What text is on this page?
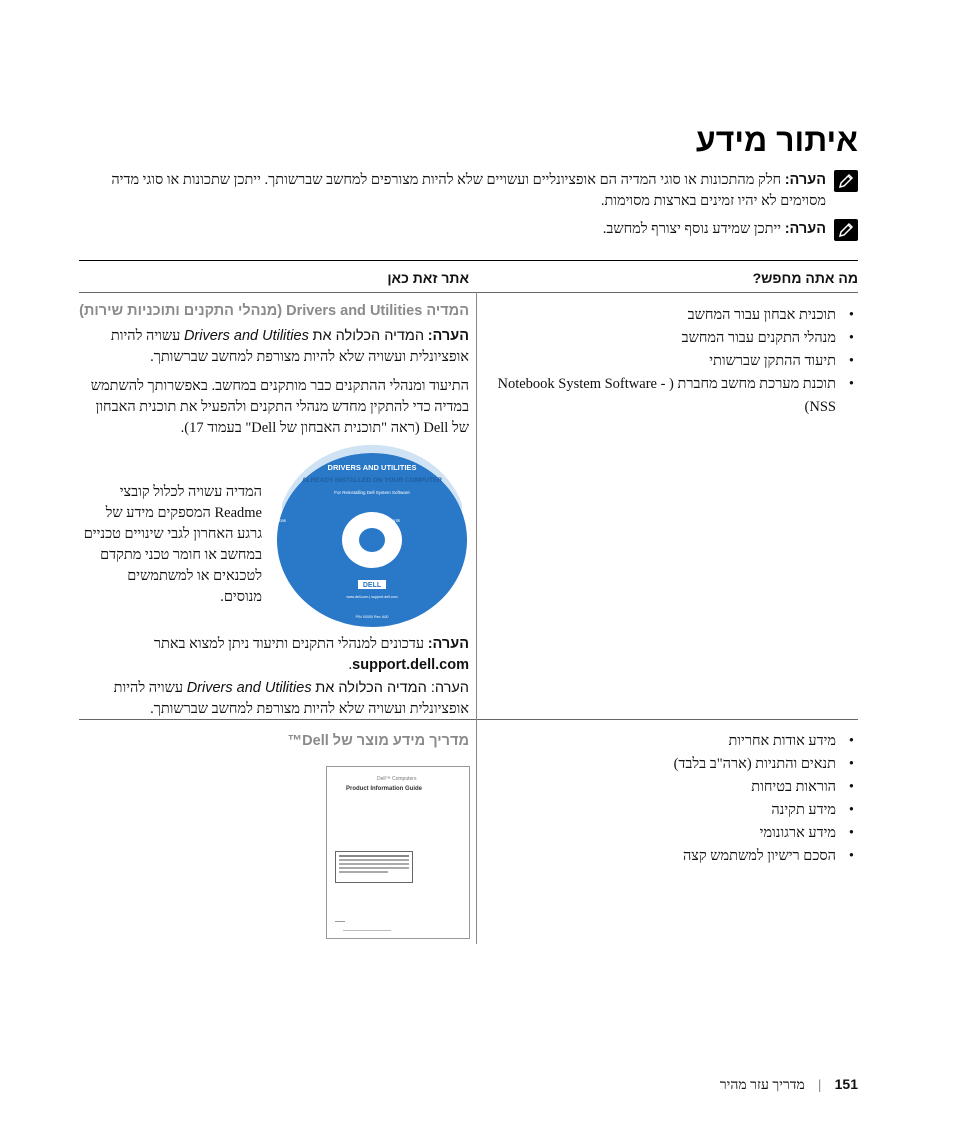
איתור מידע
הערה: חלק מהתכונות או סוגי המדיה הם אופציונליים ועשויים שלא להיות מצורפים למחשב שברשותך. ייתכן שתכונות או סוגי מדיה מסוימים לא יהיו זמינים בארצות מסוימות.
הערה: ייתכן שמידע נוסף יצורף למחשב.
מה אתה מחפש?
אתר זאת כאן
• תוכנית אבחון עבור המחשב
• מנהלי התקנים עבור המחשב
• תיעוד ההתקן שברשותי
• תוכנת מערכת מחשב מחברת Notebook System Software - ) NSS)
המדיה Drivers and Utilities (מנהלי התקנים ותוכניות שירות)
הערה: המדיה הכלולה את Drivers and Utilities עשויה להיות אופציונלית ועשויה שלא להיות מצורפת למחשב שברשותך.
התיעוד ומנהלי ההתקנים כבר מותקנים במחשב. באפשרותך להשתמש במדיה כדי להתקין מחדש מנהלי התקנים ולהפעיל את תוכנית האבחון של Dell (ראה "תוכנית האבחון של Dell" בעמוד 17).
DRIVERS AND UTILITIES
ALREADY INSTALLED ON YOUR COMPUTER
For Reinstalling Dell System Software
Installation instructions	Contents:
DELL
www.dell.com | support.dell.com
P/N X0000 Rev. A00
המדיה עשויה לכלול קובצי Readme המספקים מידע של גרגע האחרון לגבי שינויים טכניים במחשב או חומר טכני מתקדם לטכנאים או למשתמשים מנוסים.
הערה: עדכונים למנהלי התקנים ותיעוד ניתן למצוא באתר support.dell.com.
הערה: המדיה הכלולה את Drivers and Utilities עשויה להיות אופציונלית ועשויה שלא להיות מצורפת למחשב שברשותך.
• מידע אודות אחריות
• תנאים והתניות (ארה"ב בלבד)
• הוראות בטיחות
• מידע תקינה
• מידע ארגונומי
• הסכם רישיון למשתמש קצה
מדריך מידע מוצר של Dell™
Dell™ Computers
Product Information Guide
151 | מדריך עזר מהיר
